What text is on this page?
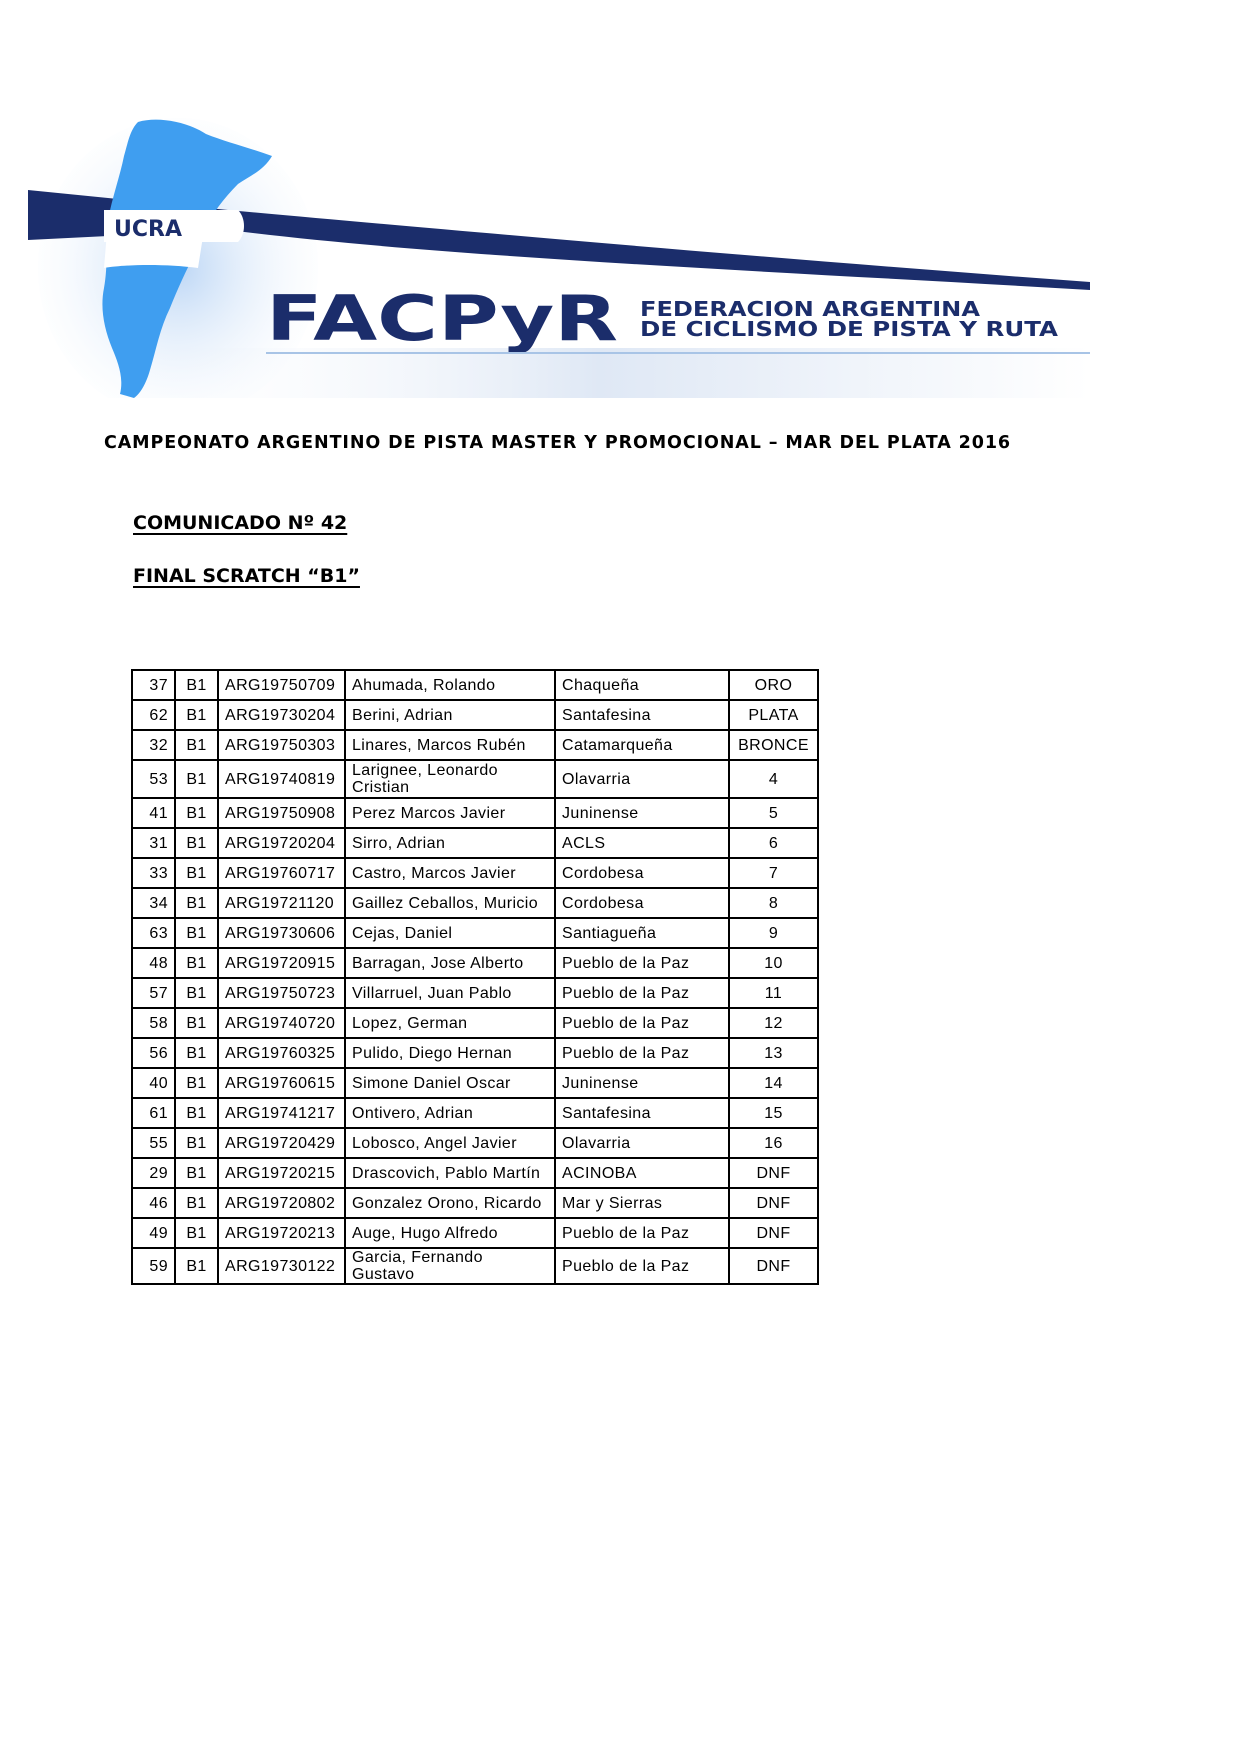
UCRA
FACPyR FEDERACION ARGENTINA
DE CICLISMO DE PISTA Y RUTA
CAMPEONATO ARGENTINO DE PISTA MASTER Y PROMOCIONAL – MAR DEL PLATA 2016
COMUNICADO Nº 42
FINAL SCRATCH “B1”
37	B1	ARG19750709	Ahumada, Rolando	Chaqueña	ORO
62	B1	ARG19730204	Berini, Adrian	Santafesina	PLATA
32	B1	ARG19750303	Linares, Marcos Rubén	Catamarqueña	BRONCE
53	B1	ARG19740819	Larignee, Leonardo Cristian	Olavarria	4
41	B1	ARG19750908	Perez Marcos Javier	Juninense	5
31	B1	ARG19720204	Sirro, Adrian	ACLS	6
33	B1	ARG19760717	Castro, Marcos Javier	Cordobesa	7
34	B1	ARG19721120	Gaillez Ceballos, Muricio	Cordobesa	8
63	B1	ARG19730606	Cejas, Daniel	Santiagueña	9
48	B1	ARG19720915	Barragan, Jose Alberto	Pueblo de la Paz	10
57	B1	ARG19750723	Villarruel, Juan Pablo	Pueblo de la Paz	11
58	B1	ARG19740720	Lopez, German	Pueblo de la Paz	12
56	B1	ARG19760325	Pulido, Diego Hernan	Pueblo de la Paz	13
40	B1	ARG19760615	Simone Daniel Oscar	Juninense	14
61	B1	ARG19741217	Ontivero, Adrian	Santafesina	15
55	B1	ARG19720429	Lobosco, Angel Javier	Olavarria	16
29	B1	ARG19720215	Drascovich, Pablo Martín	ACINOBA	DNF
46	B1	ARG19720802	Gonzalez Orono, Ricardo	Mar y Sierras	DNF
49	B1	ARG19720213	Auge, Hugo Alfredo	Pueblo de la Paz	DNF
59	B1	ARG19730122	Garcia, Fernando Gustavo	Pueblo de la Paz	DNF
